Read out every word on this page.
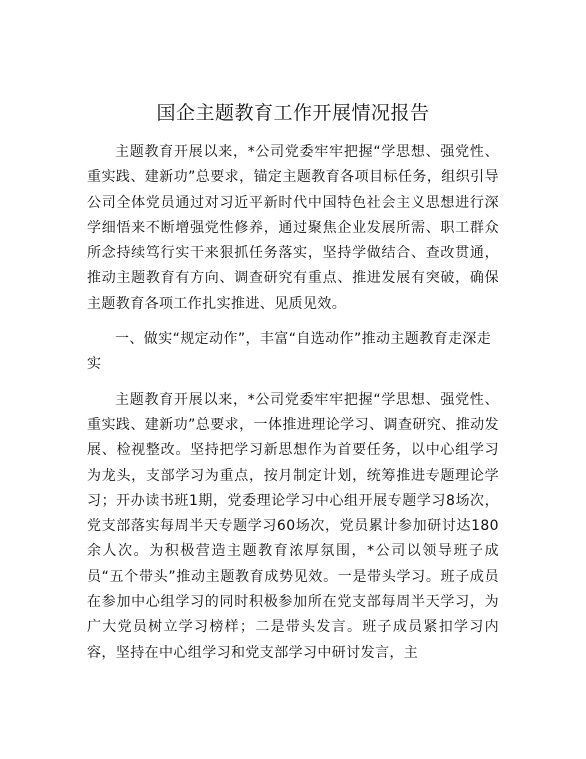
国企主题教育工作开展情况报告

主题教育开展以来，*公司党委牢牢把握“学思想、强党性、重实践、建新功”总要求，锚定主题教育各项目标任务，组织引导公司全体党员通过对习近平新时代中国特色社会主义思想进行深学细悟来不断增强党性修养，通过聚焦企业发展所需、职工群众所念持续笃行实干来狠抓任务落实，坚持学做结合、查改贯通，推动主题教育有方向、调查研究有重点、推进发展有突破，确保主题教育各项工作扎实推进、见质见效。

一、做实“规定动作”，丰富“自选动作”推动主题教育走深走实

主题教育开展以来，*公司党委牢牢把握“学思想、强党性、重实践、建新功”总要求，一体推进理论学习、调查研究、推动发展、检视整改。坚持把学习新思想作为首要任务，以中心组学习为龙头，支部学习为重点，按月制定计划，统筹推进专题理论学习；开办读书班1期，党委理论学习中心组开展专题学习8场次，党支部落实每周半天专题学习60场次，党员累计参加研讨达180余人次。为积极营造主题教育浓厚氛围，*公司以领导班子成员“五个带头”推动主题教育成势见效。一是带头学习。班子成员在参加中心组学习的同时积极参加所在党支部每周半天学习，为广大党员树立学习榜样；二是带头发言。班子成员紧扣学习内容，坚持在中心组学习和党支部学习中研讨发言，主
